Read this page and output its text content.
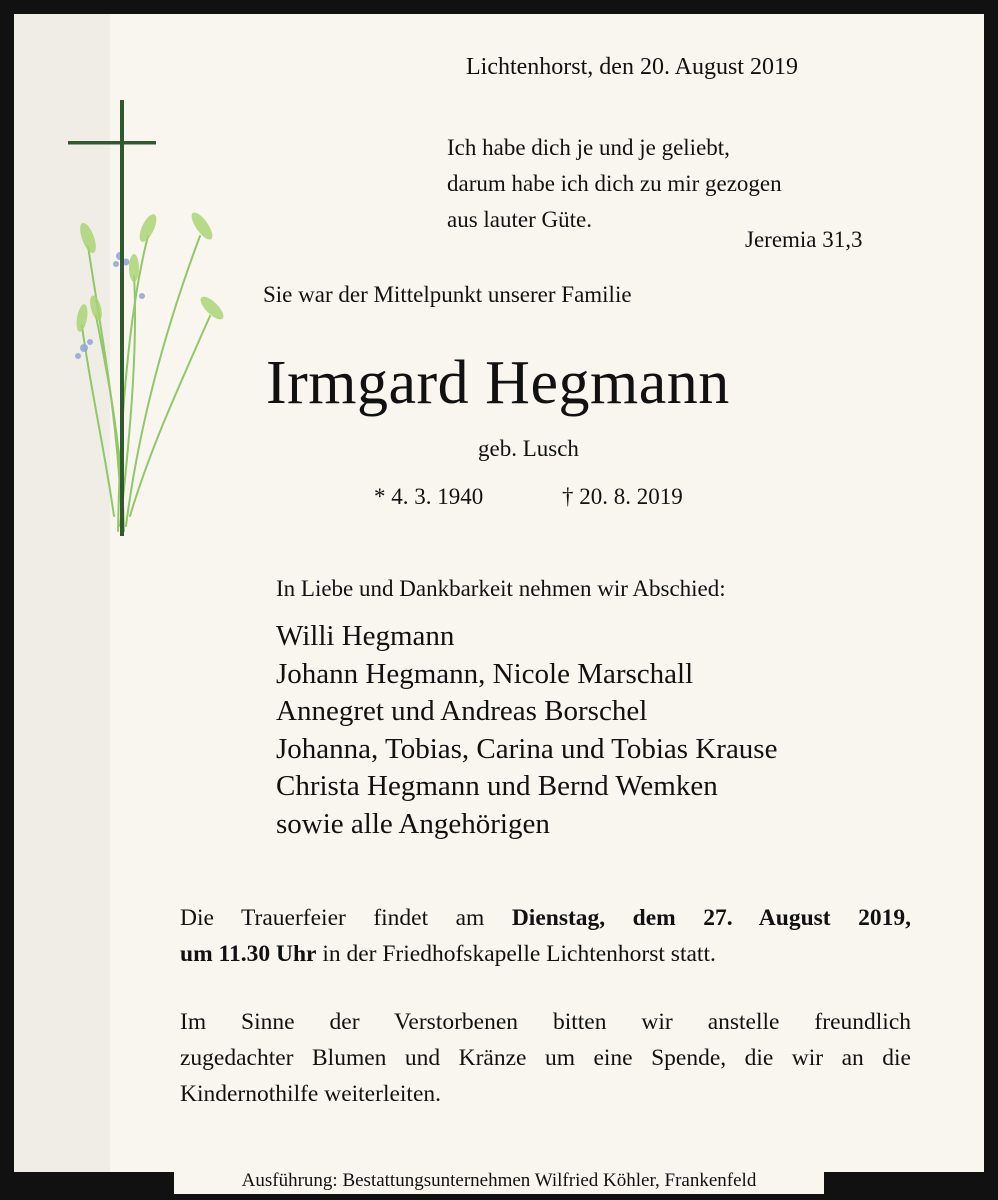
Lichtenhorst, den 20. August 2019
Ich habe dich je und je geliebt,
darum habe ich dich zu mir gezogen
aus lauter Güte.
Jeremia 31,3
Sie war der Mittelpunkt unserer Familie
Irmgard Hegmann
geb. Lusch
* 4. 3. 1940	† 20. 8. 2019
In Liebe und Dankbarkeit nehmen wir Abschied:
Willi Hegmann
Johann Hegmann, Nicole Marschall
Annegret und Andreas Borschel
Johanna, Tobias, Carina und Tobias Krause
Christa Hegmann und Bernd Wemken
sowie alle Angehörigen
Die Trauerfeier findet am Dienstag, dem 27. August 2019,
um 11.30 Uhr in der Friedhofskapelle Lichtenhorst statt.
Im Sinne der Verstorbenen bitten wir anstelle freundlich
zugedachter Blumen und Kränze um eine Spende, die wir an die
Kindernothilfe weiterleiten.
Ausführung: Bestattungsunternehmen Wilfried Köhler, Frankenfeld
